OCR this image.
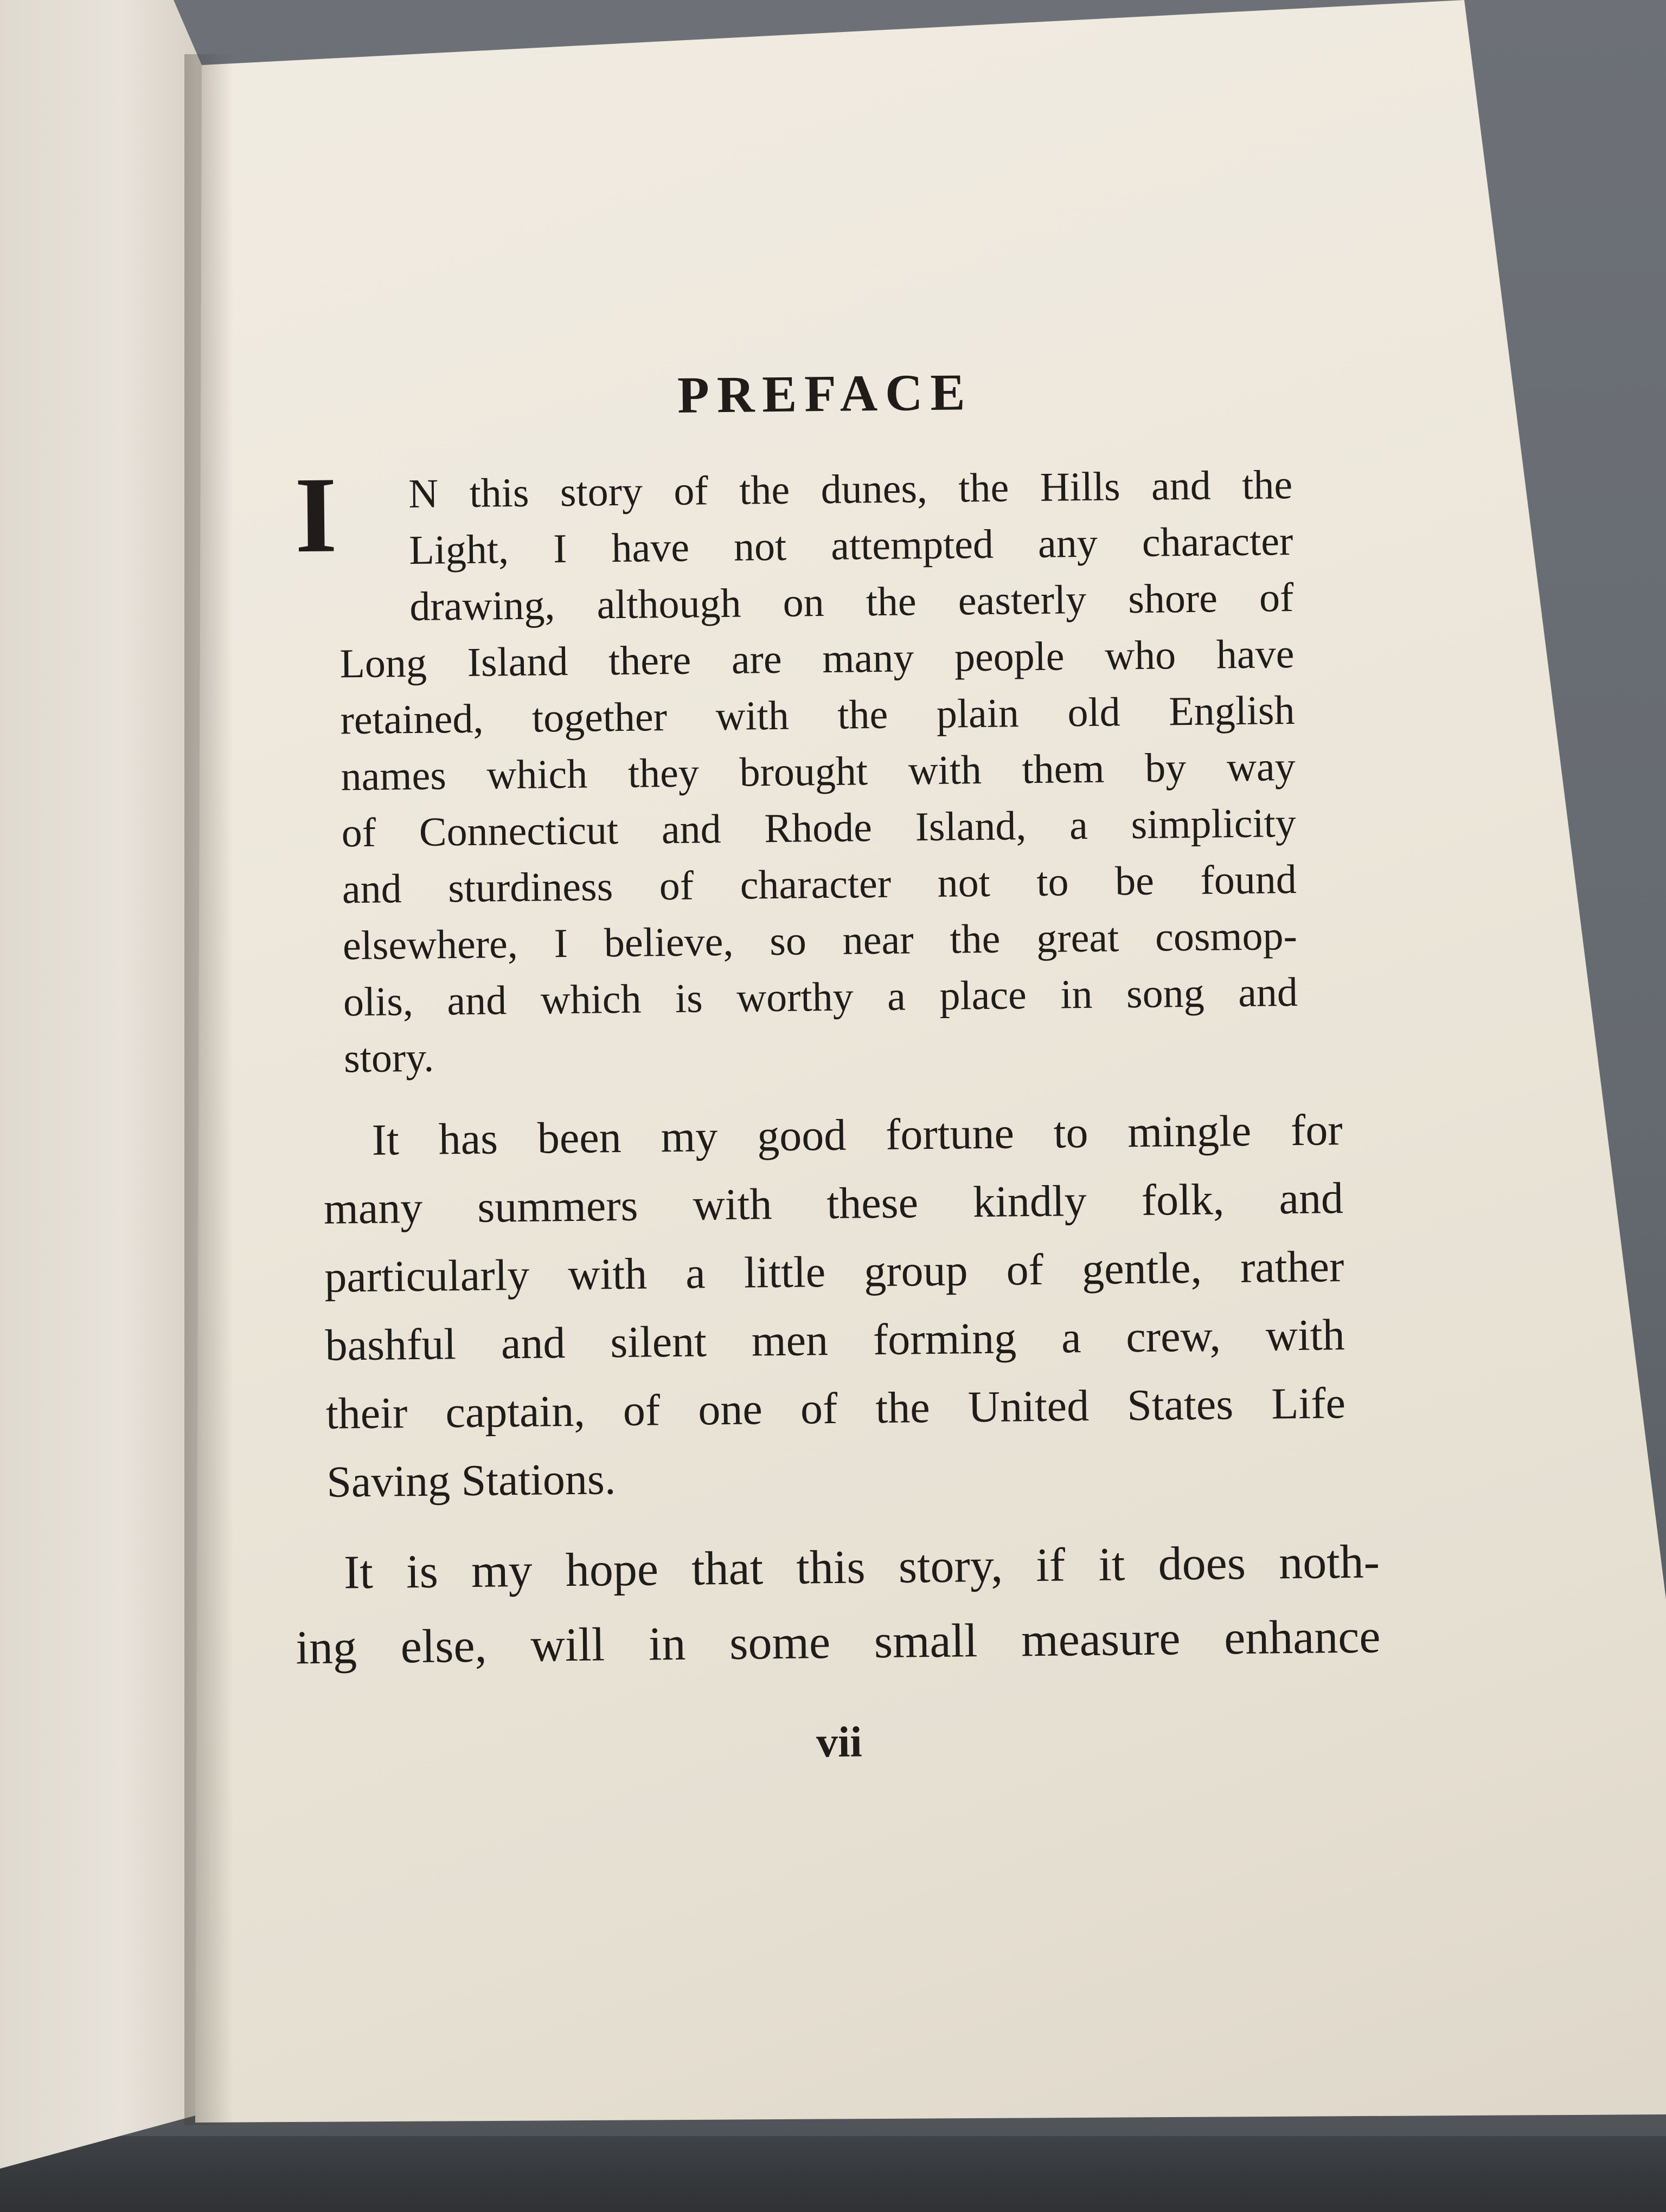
PREFACE
I	N this story of the dunes, the Hills and the
Light, I have not attempted any character
drawing, although on the easterly shore of
Long Island there are many people who have
retained, together with the plain old English
names which they brought with them by way
of Connecticut and Rhode Island, a simplicity
and sturdiness of character not to be found
elsewhere, I believe, so near the great cosmop-
olis, and which is worthy a place in song and
story.
It has been my good fortune to mingle for
many summers with these kindly folk, and
particularly with a little group of gentle, rather
bashful and silent men forming a crew, with
their captain, of one of the United States Life
Saving Stations.
It is my hope that this story, if it does noth-
ing else, will in some small measure enhance
vii
